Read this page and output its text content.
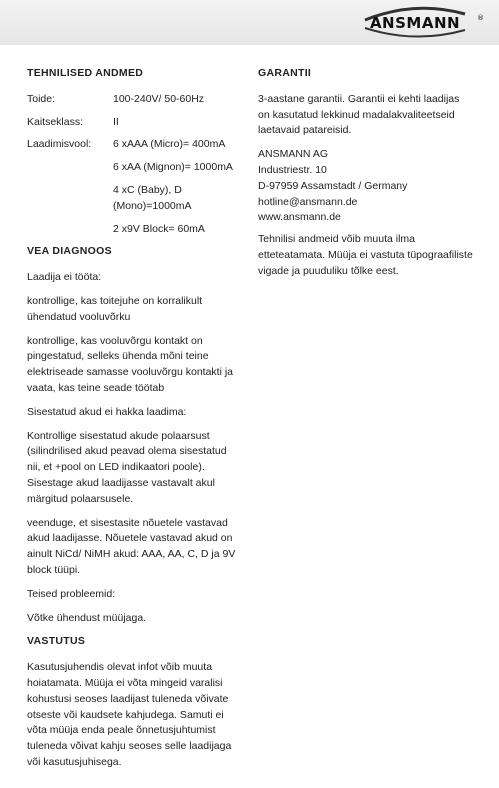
ANSMANN ®
TEHNILISED ANDMED
Toide:	100-240V/ 50-60Hz
Kaitseklass:	II
Laadimisvool:	6 xAAA (Micro)= 400mA
6 xAA (Mignon)= 1000mA
4 xC (Baby), D (Mono)=1000mA
2 x9V Block= 60mA
VEA DIAGNOOS

Laadija ei tööta:

kontrollige, kas toitejuhe on korralikult ühendatud vooluvõrku

kontrollige, kas vooluvõrgu kontakt on pingestatud, selleks ühenda mõni teine elektriseade samasse vooluvõrgu kontakti ja vaata, kas teine seade töötab

Sisestatud akud ei hakka laadima:

Kontrollige sisestatud akude polaarsust (silindrilised akud peavad olema sisestatud nii, et +pool on LED indikaatori poole). Sisestage akud laadijasse vastavalt akul märgitud polaarsusele.

veenduge, et sisestasite nõuetele vastavad akud laadijasse. Nõuetele vastavad akud on ainult NiCd/ NiMH akud: AAA, AA, C, D ja 9V block tüüpi.

Teised probleemid:

Võtke ühendust müüjaga.

VASTUTUS

Kasutusjuhendis olevat infot võib muuta hoiatamata. Müüja ei võta mingeid varalisi kohustusi seoses laadijast tuleneda võivate otseste või kaudsete kahjudega. Samuti ei võta müüja enda peale õnnetusjuhtumist tuleneda võivat kahju seoses selle laadijaga või kasutusjuhisega.

GARANTII

3-aastane garantii. Garantii ei kehti laadijas on kasutatud lekkinud madalakvaliteetseid laetavaid patareisid.

ANSMANN AG
Industriestr. 10
D-97959 Assamstadt / Germany
hotline@ansmann.de
www.ansmann.de

Tehnilisi andmeid võib muuta ilma etteteatamata. Müüja ei vastuta tüpograafiliste vigade ja puuduliku tõlke eest.
